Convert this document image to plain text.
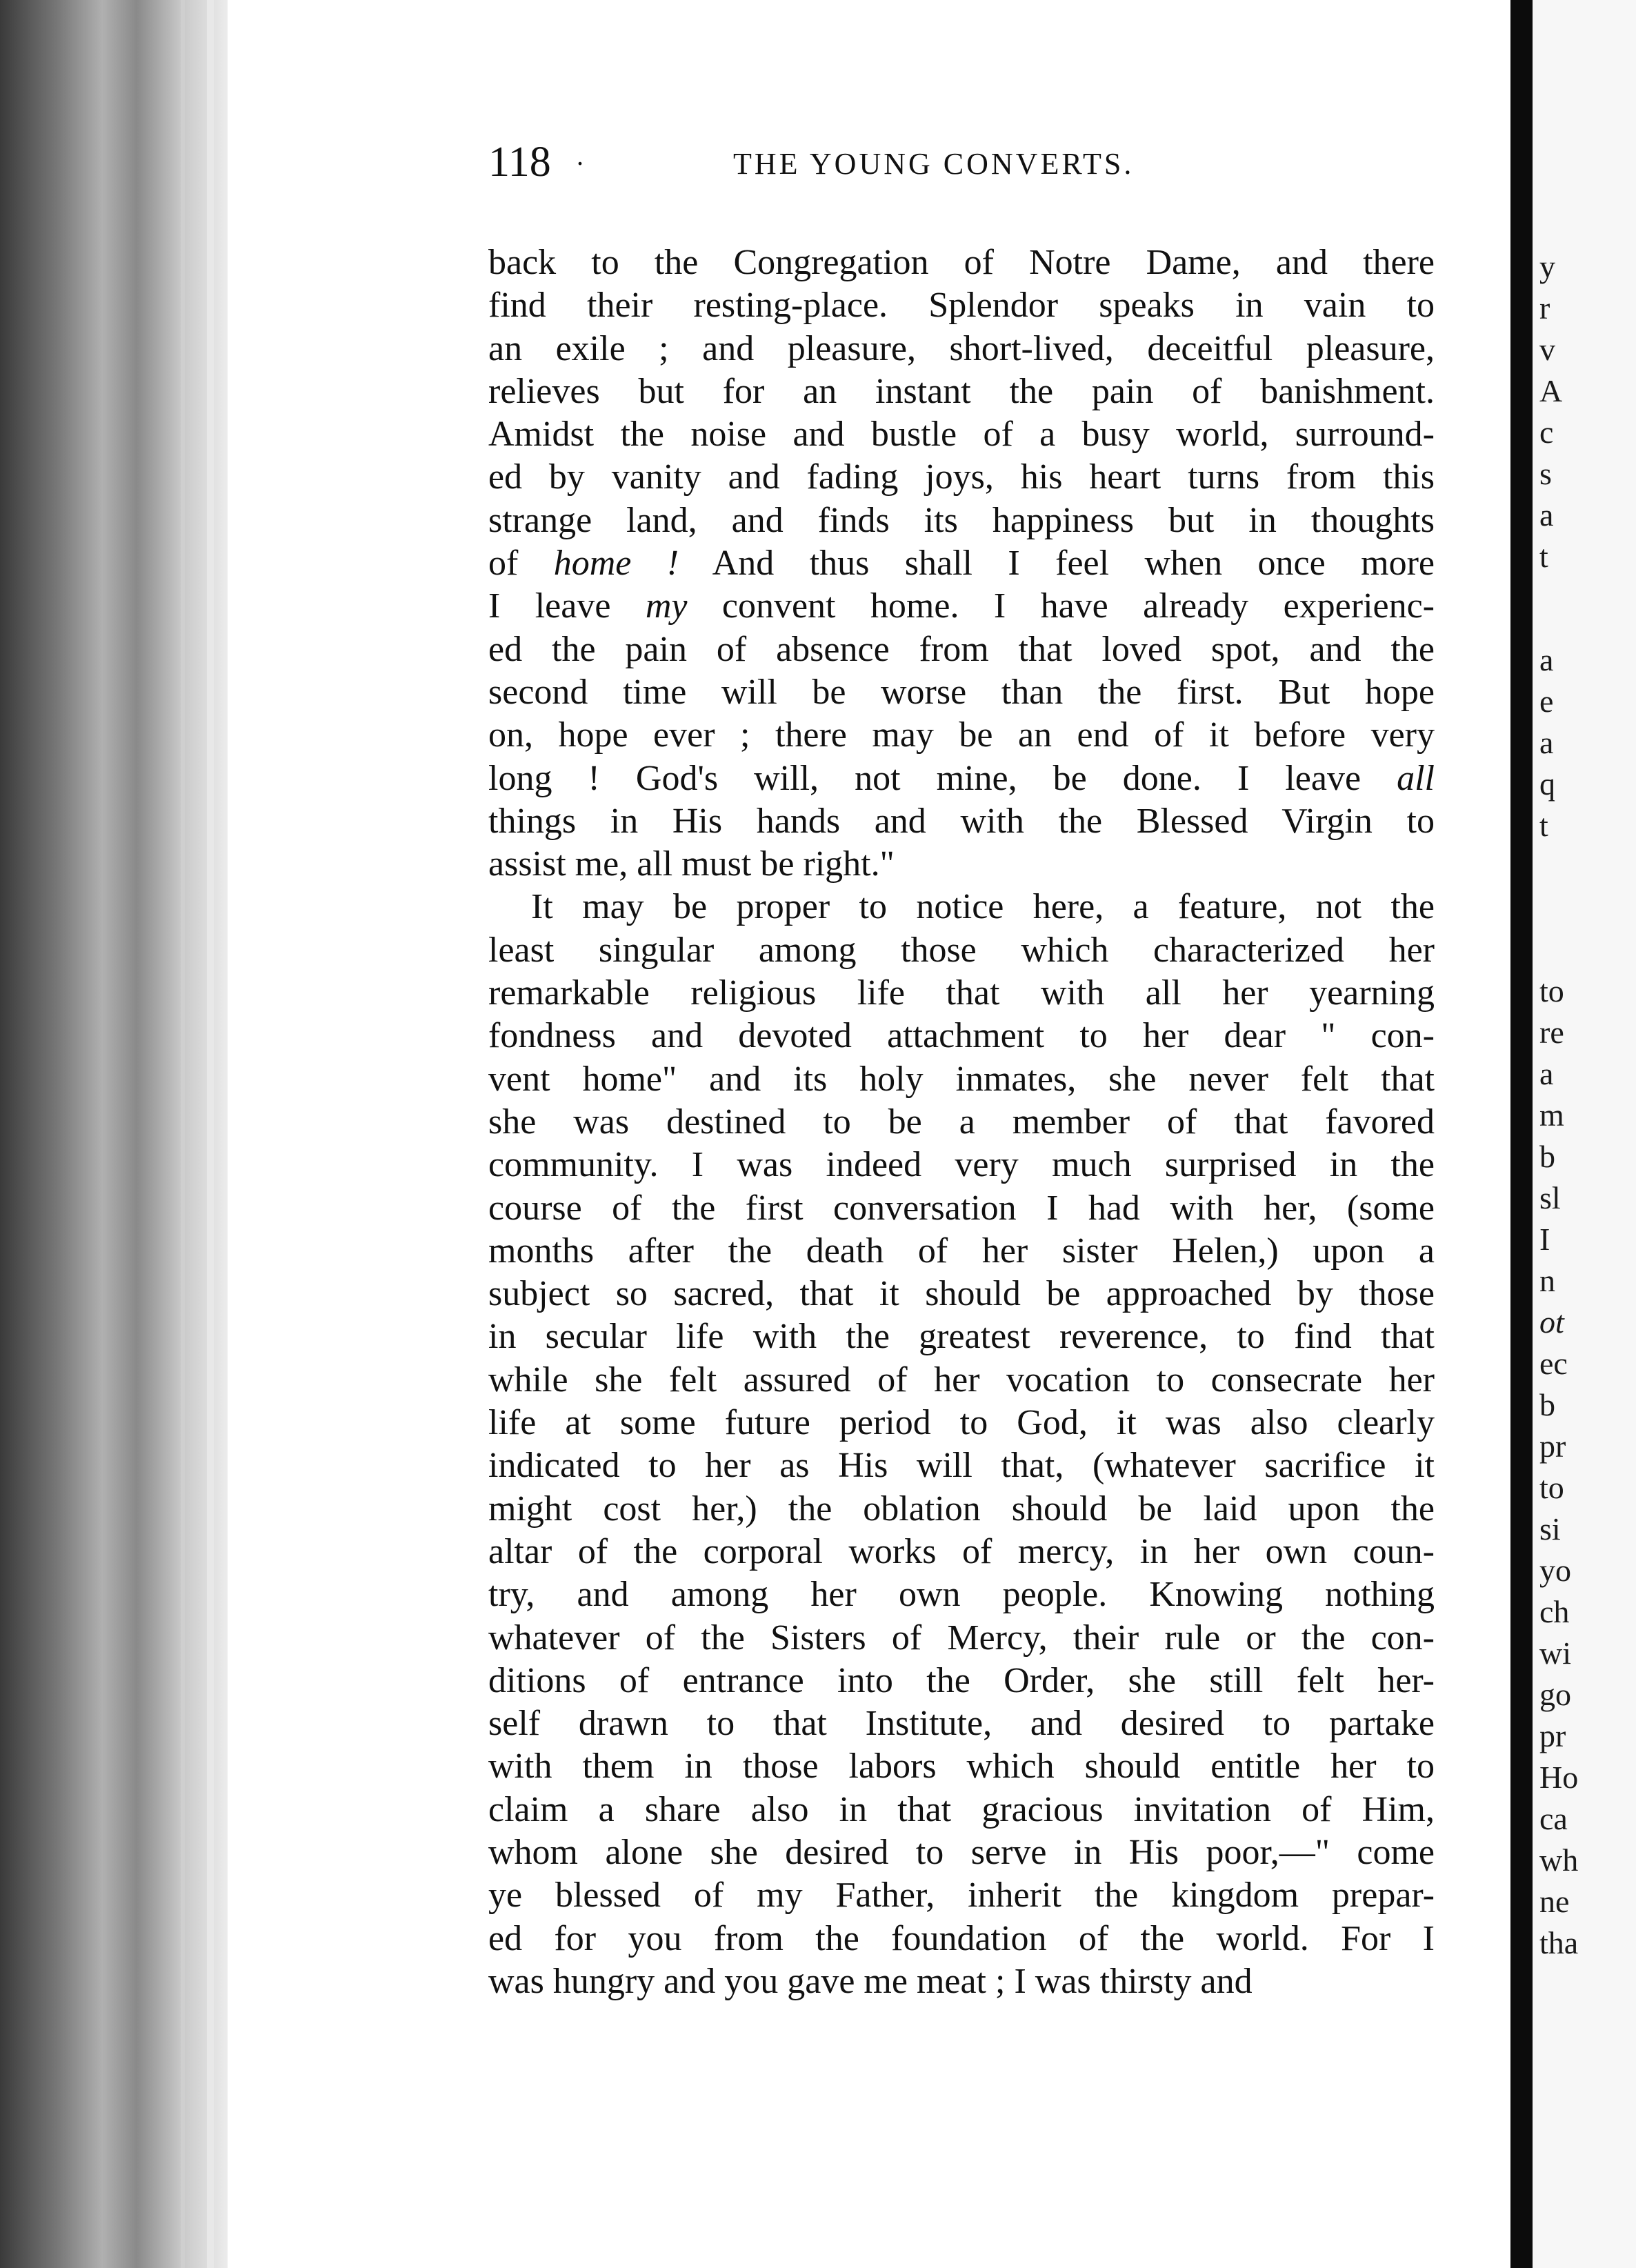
118 .	THE YOUNG CONVERTS.
back to the Congregation of Notre Dame, and there
find their resting-place. Splendor speaks in vain to
an exile ; and pleasure, short-lived, deceitful pleasure,
relieves but for an instant the pain of banishment.
Amidst the noise and bustle of a busy world, surround-
ed by vanity and fading joys, his heart turns from this
strange land, and finds its happiness but in thoughts
of home ! And thus shall I feel when once more
I leave my convent home. I have already experienc-
ed the pain of absence from that loved spot, and the
second time will be worse than the first. But hope
on, hope ever ; there may be an end of it before very
long ! God's will, not mine, be done. I leave all
things in His hands and with the Blessed Virgin to
assist me, all must be right."
It may be proper to notice here, a feature, not the
least singular among those which characterized her
remarkable religious life that with all her yearning
fondness and devoted attachment to her dear " con-
vent home" and its holy inmates, she never felt that
she was destined to be a member of that favored
community. I was indeed very much surprised in the
course of the first conversation I had with her, (some
months after the death of her sister Helen,) upon a
subject so sacred, that it should be approached by those
in secular life with the greatest reverence, to find that
while she felt assured of her vocation to consecrate her
life at some future period to God, it was also clearly
indicated to her as His will that, (whatever sacrifice it
might cost her,) the oblation should be laid upon the
altar of the corporal works of mercy, in her own coun-
try, and among her own people. Knowing nothing
whatever of the Sisters of Mercy, their rule or the con-
ditions of entrance into the Order, she still felt her-
self drawn to that Institute, and desired to partake
with them in those labors which should entitle her to
claim a share also in that gracious invitation of Him,
whom alone she desired to serve in His poor,—" come
ye blessed of my Father, inherit the kingdom prepar-
ed for you from the foundation of the world. For I
was hungry and you gave me meat ; I was thirsty and
y
r
v
A
c
s
a
t
a
e
a
q
t
to
re
a
m
b
sl
I
n
ot
ec
b
pr
to
si
yo
ch
wi
go
pr
Ho
ca
wh
ne
tha
